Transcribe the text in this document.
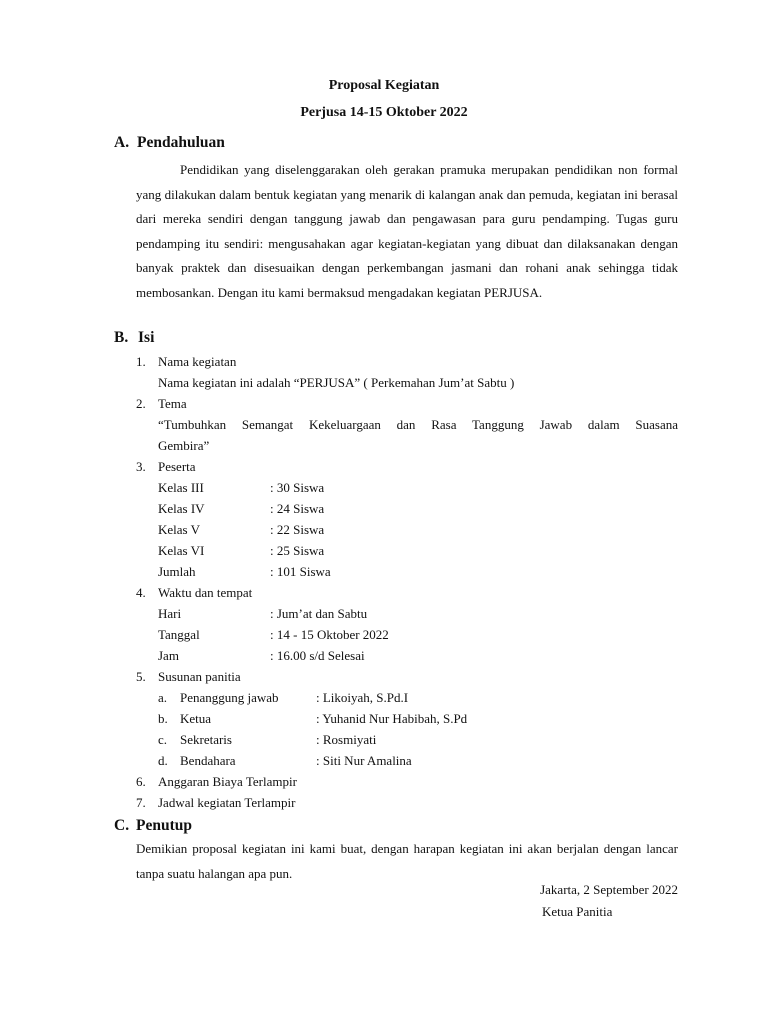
Proposal Kegiatan

Perjusa 14-15 Oktober 2022

A. Pendahuluan

Pendidikan yang diselenggarakan oleh gerakan pramuka merupakan pendidikan non formal yang dilakukan dalam bentuk kegiatan yang menarik di kalangan anak dan pemuda, kegiatan ini berasal dari mereka sendiri dengan tanggung jawab dan pengawasan para guru pendamping. Tugas guru pendamping itu sendiri: mengusahakan agar kegiatan-kegiatan yang dibuat dan dilaksanakan dengan banyak praktek dan disesuaikan dengan perkembangan jasmani dan rohani anak sehingga tidak membosankan. Dengan itu kami bermaksud mengadakan kegiatan PERJUSA.

B. Isi
1. Nama kegiatan
Nama kegiatan ini adalah “PERJUSA” ( Perkemahan Jum’at Sabtu )
2. Tema
“Tumbuhkan Semangat Kekeluargaan dan Rasa Tanggung Jawab dalam Suasana
Gembira”
3. Peserta
Kelas III	: 30 Siswa
Kelas IV	: 24 Siswa
Kelas V	: 22 Siswa
Kelas VI	: 25 Siswa
Jumlah	: 101 Siswa
4. Waktu dan tempat
Hari	: Jum’at dan Sabtu
Tanggal	: 14 - 15 Oktober 2022
Jam	: 16.00 s/d Selesai
5. Susunan panitia
a. Penanggung jawab	: Likoiyah, S.Pd.I
b. Ketua	: Yuhanid Nur Habibah, S.Pd
c. Sekretaris	: Rosmiyati
d. Bendahara	: Siti Nur Amalina
6. Anggaran Biaya Terlampir
7. Jadwal kegiatan Terlampir
C. Penutup

Demikian proposal kegiatan ini kami buat, dengan harapan kegiatan ini akan berjalan dengan lancar tanpa suatu halangan apa pun.

Jakarta, 2 September 2022
Ketua Panitia
